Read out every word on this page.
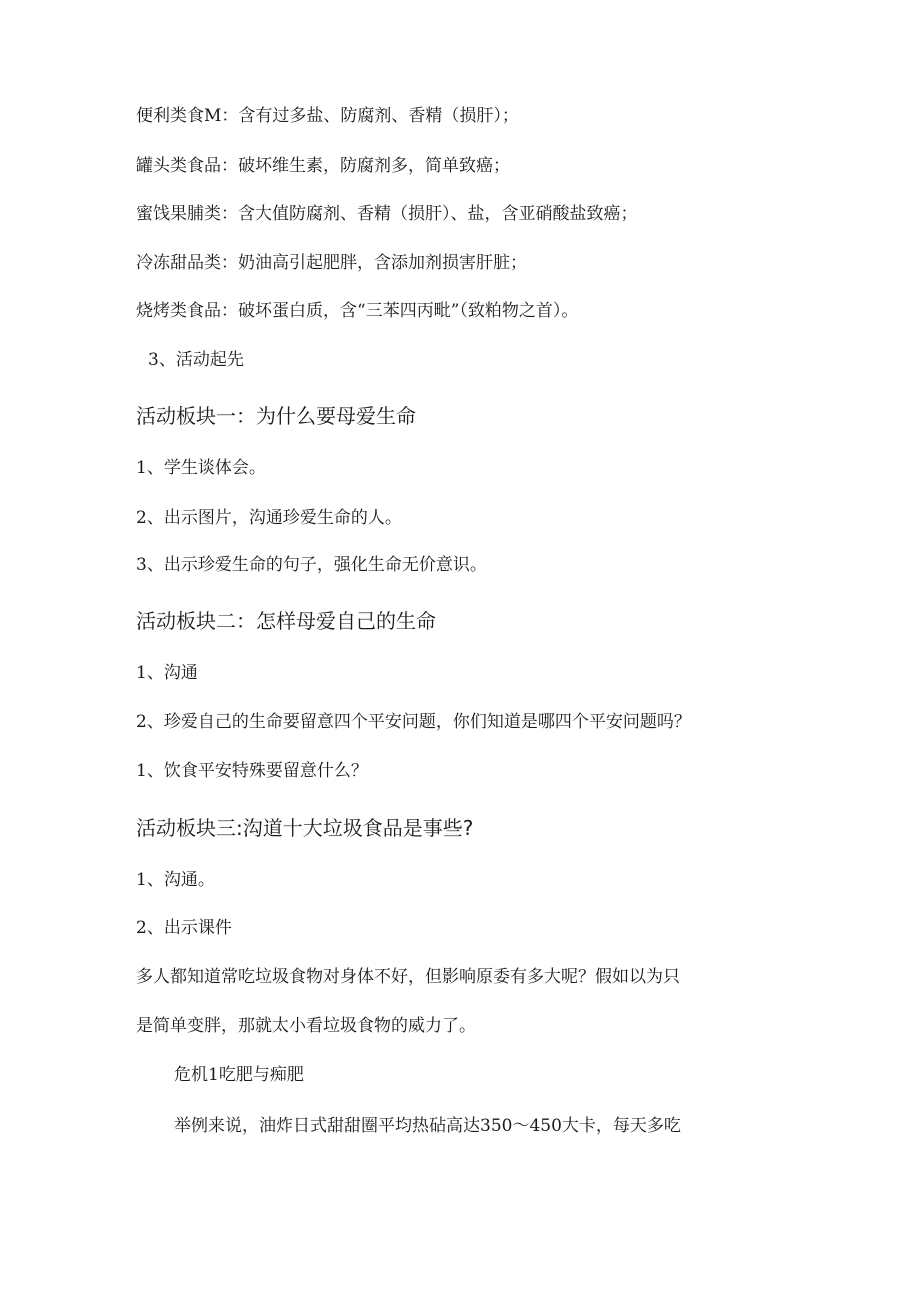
便利类食M：含有过多盐、防腐剂、香精（损肝）；
罐头类食品：破坏维生素，防腐剂多，简单致癌；
蜜饯果脯类：含大值防腐剂、香精（损肝）、盐，含亚硝酸盐致癌；
冷冻甜品类：奶油高引起肥胖，含添加剂损害肝脏；
烧烤类食品：破坏蛋白质，含“三苯四丙毗”（致粕物之首）。
3、活动起先
活动板块一：为什么要母爱生命
1、学生谈体会。
2、出示图片，沟通珍爱生命的人。
3、出示珍爱生命的句子，强化生命无价意识。
活动板块二：怎样母爱自己的生命
1、沟通
2、珍爱自己的生命要留意四个平安问题，你们知道是哪四个平安问题吗？
1、饮食平安特殊要留意什么？
活动板块三:沟道十大垃圾食品是事些?
1、沟通。
2、出示课件
多人都知道常吃垃圾食物对身体不好，但影响原委有多大呢？假如以为只
是简单变胖，那就太小看垃圾食物的威力了。
危机1吃肥与痴肥
举例来说，油炸日式甜甜圈平均热砧高达350～450大卡，每天多吃
